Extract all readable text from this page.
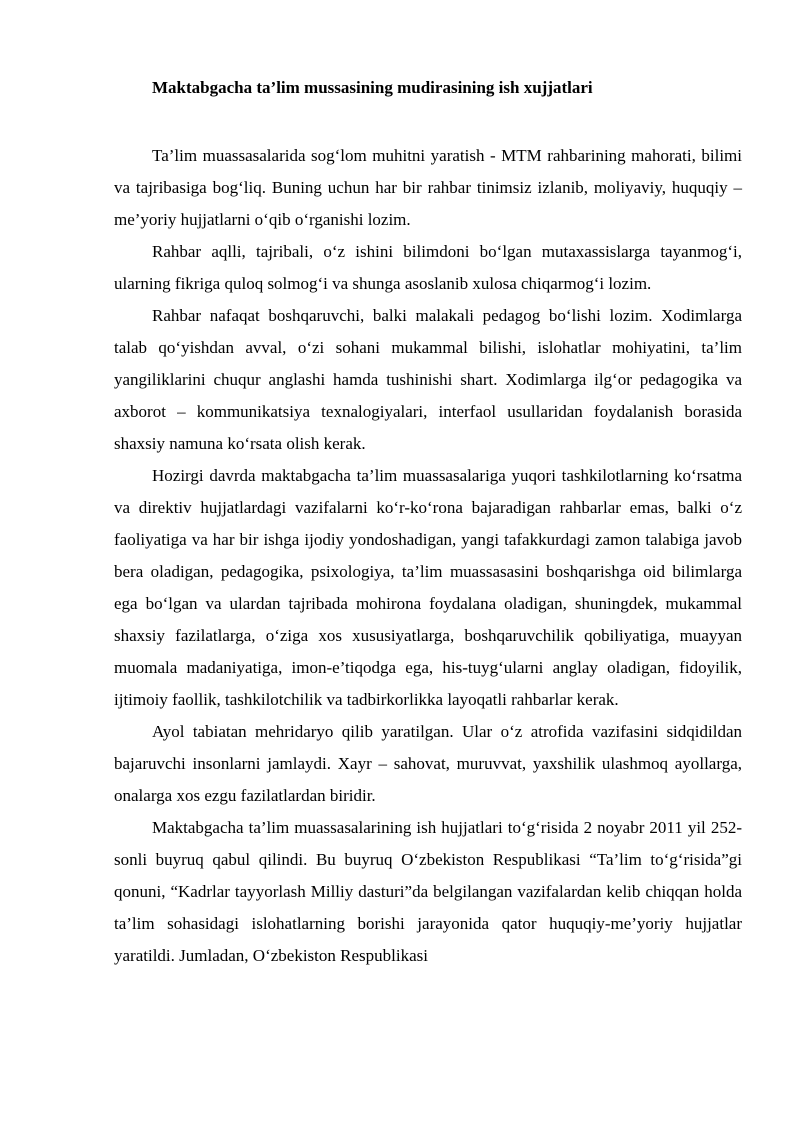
Maktabgacha ta’lim mussasining mudirasining ish xujjatlari

Ta’lim muassasalarida sog‘lom muhitni yaratish - MTM rahbarining mahorati, bilimi va tajribasiga bog‘liq. Buning uchun har bir rahbar tinimsiz izlanib, moliyaviy, huquqiy – me’yoriy hujjatlarni o‘qib o‘rganishi lozim.

Rahbar aqlli, tajribali, o‘z ishini bilimdoni bo‘lgan mutaxassislarga tayanmog‘i, ularning fikriga quloq solmog‘i va shunga asoslanib xulosa chiqarmog‘i lozim.

Rahbar nafaqat boshqaruvchi, balki malakali pedagog bo‘lishi lozim. Xodimlarga talab qo‘yishdan avval, o‘zi sohani mukammal bilishi, islohatlar mohiyatini, ta’lim yangiliklarini chuqur anglashi hamda tushinishi shart. Xodimlarga ilg‘or pedagogika va axborot – kommunikatsiya texnalogiyalari, interfaol usullaridan foydalanish borasida shaxsiy namuna ko‘rsata olish kerak.

Hozirgi davrda maktabgacha ta’lim muassasalariga yuqori tashkilotlarning ko‘rsatma va direktiv hujjatlardagi vazifalarni ko‘r-ko‘rona bajaradigan rahbarlar emas, balki o‘z faoliyatiga va har bir ishga ijodiy yondoshadigan, yangi tafakkurdagi zamon talabiga javob bera oladigan, pedagogika, psixologiya, ta’lim muassasasini boshqarishga oid bilimlarga ega bo‘lgan va ulardan tajribada mohirona foydalana oladigan, shuningdek, mukammal shaxsiy fazilatlarga, o‘ziga xos xususiyatlarga, boshqaruvchilik qobiliyatiga, muayyan muomala madaniyatiga, imon-e’tiqodga ega, his-tuyg‘ularni anglay oladigan, fidoyilik, ijtimoiy faollik, tashkilotchilik va tadbirkorlikka layoqatli rahbarlar kerak.

Ayol tabiatan mehridaryo qilib yaratilgan. Ular o‘z atrofida vazifasini sidqidildan bajaruvchi insonlarni jamlaydi. Xayr – sahovat, muruvvat, yaxshilik ulashmoq ayollarga, onalarga xos ezgu fazilatlardan biridir.

Maktabgacha ta’lim muassasalarining ish hujjatlari to‘g‘risida 2 noyabr 2011 yil 252-sonli buyruq qabul qilindi. Bu buyruq O‘zbekiston Respublikasi “Ta’lim to‘g‘risida”gi qonuni, “Kadrlar tayyorlash Milliy dasturi”da belgilangan vazifalardan kelib chiqqan holda ta’lim sohasidagi islohatlarning borishi jarayonida qator huquqiy-me’yoriy hujjatlar yaratildi. Jumladan, O‘zbekiston Respublikasi
